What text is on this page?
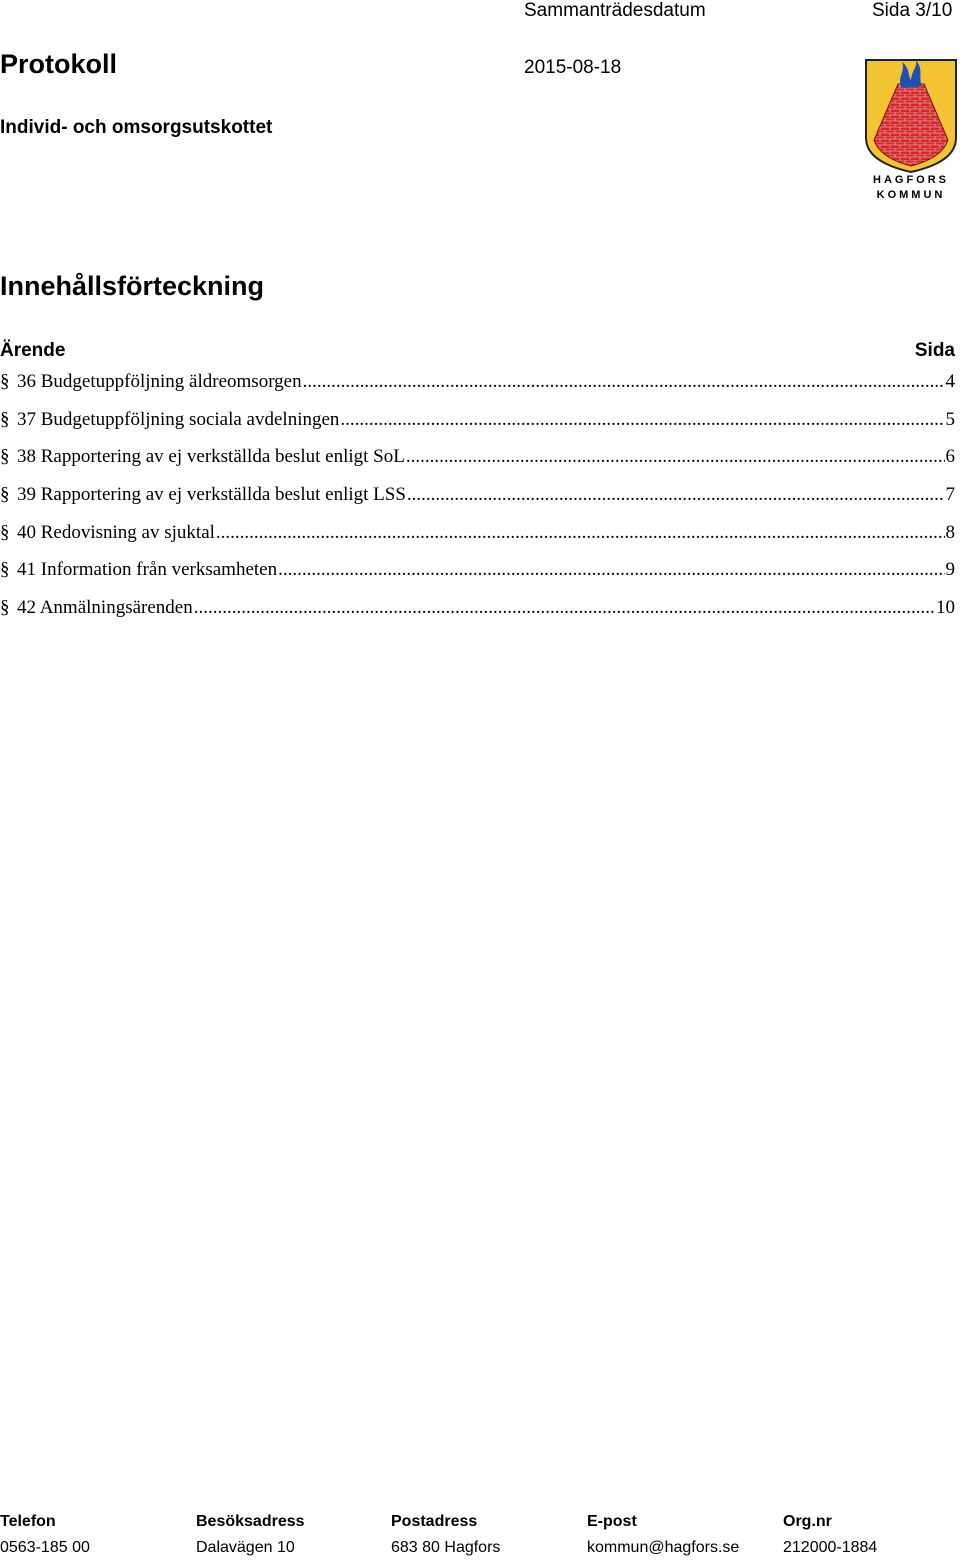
Sammanträdesdatum	Sida 3/10
Protokoll	2015-08-18
Individ- och omsorgsutskottet
HAGFORS
KOMMUN
Innehållsförteckning
Ärende	Sida
§ 36 Budgetuppföljning äldreomsorgen .....	4
§ 37 Budgetuppföljning sociala avdelningen .....	5
§ 38 Rapportering av ej verkställda beslut enligt SoL .....	6
§ 39 Rapportering av ej verkställda beslut enligt LSS .....	7
§ 40 Redovisning av sjuktal .....	8
§ 41 Information från verksamheten .....	9
§ 42 Anmälningsärenden .....	10
Telefon
0563-185 00
Besöksadress
Dalavägen 10
Postadress
683 80 Hagfors
E-post
kommun@hagfors.se
Org.nr
212000-1884
